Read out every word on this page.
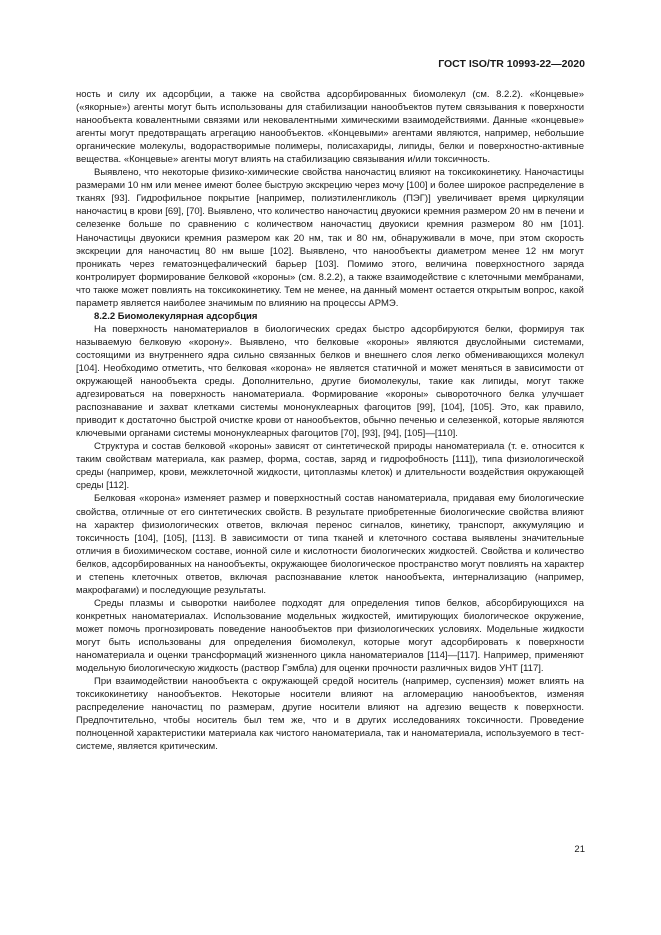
ГОСТ ISO/TR 10993-22—2020

ность и силу их адсорбции, а также на свойства адсорбированных биомолекул (см. 8.2.2). «Концевые» («якорные») агенты могут быть использованы для стабилизации нанообъектов путем связывания к поверхности нанообъекта ковалентными связями или нековалентными химическими взаимодействиями. Данные «концевые» агенты могут предотвращать агрегацию нанообъектов. «Концевыми» агентами являются, например, небольшие органические молекулы, водорастворимые полимеры, полисахариды, липиды, белки и поверхностно-активные вещества. «Концевые» агенты могут влиять на стабилизацию связывания и/или токсичность.

Выявлено, что некоторые физико-химические свойства наночастиц влияют на токсикокинетику. Наночастицы размерами 10 нм или менее имеют более быструю экскрецию через мочу [100] и более широкое распределение в тканях [93]. Гидрофильное покрытие [например, полиэтиленгликоль (ПЭГ)] увеличивает время циркуляции наночастиц в крови [69], [70]. Выявлено, что количество наночастиц двуокиси кремния размером 20 нм в печени и селезенке больше по сравнению с количеством наночастиц двуокиси кремния размером 80 нм [101]. Наночастицы двуокиси кремния размером как 20 нм, так и 80 нм, обнаруживали в моче, при этом скорость экскреции для наночастиц 80 нм выше [102]. Выявлено, что нанообъекты диаметром менее 12 нм могут проникать через гематоэнцефалический барьер [103]. Помимо этого, величина поверхностного заряда контролирует формирование белковой «короны» (см. 8.2.2), а также взаимодействие с клеточными мембранами, что также может повлиять на токсикокинетику. Тем не менее, на данный момент остается открытым вопрос, какой параметр является наиболее значимым по влиянию на процессы АРМЭ.

8.2.2 Биомолекулярная адсорбция

На поверхность наноматериалов в биологических средах быстро адсорбируются белки, формируя так называемую белковую «корону». Выявлено, что белковые «короны» являются двуслойными системами, состоящими из внутреннего ядра сильно связанных белков и внешнего слоя легко обменивающихся молекул [104]. Необходимо отметить, что белковая «корона» не является статичной и может меняться в зависимости от окружающей нанообъекта среды. Дополнительно, другие биомолекулы, такие как липиды, могут также адгезироваться на поверхность наноматериала. Формирование «короны» сывороточного белка улучшает распознавание и захват клетками системы мононуклеарных фагоцитов [99], [104], [105]. Это, как правило, приводит к достаточно быстрой очистке крови от нанообъектов, обычно печенью и селезенкой, которые являются ключевыми органами системы мононуклеарных фагоцитов [70], [93], [94], [105]—[110].

Структура и состав белковой «короны» зависят от синтетической природы наноматериала (т. е. относится к таким свойствам материала, как размер, форма, состав, заряд и гидрофобность [111]), типа физиологической среды (например, крови, межклеточной жидкости, цитоплазмы клеток) и длительности воздействия окружающей среды [112].

Белковая «корона» изменяет размер и поверхностный состав наноматериала, придавая ему биологические свойства, отличные от его синтетических свойств. В результате приобретенные биологические свойства влияют на характер физиологических ответов, включая перенос сигналов, кинетику, транспорт, аккумуляцию и токсичность [104], [105], [113]. В зависимости от типа тканей и клеточного состава выявлены значительные отличия в биохимическом составе, ионной силе и кислотности биологических жидкостей. Свойства и количество белков, адсорбированных на нанообъекты, окружающее биологическое пространство могут повлиять на характер и степень клеточных ответов, включая распознавание клеток нанообъекта, интернализацию (например, макрофагами) и последующие результаты.

Среды плазмы и сыворотки наиболее подходят для определения типов белков, абсорбирующихся на конкретных наноматериалах. Использование модельных жидкостей, имитирующих биологическое окружение, может помочь прогнозировать поведение нанообъектов при физиологических условиях. Модельные жидкости могут быть использованы для определения биомолекул, которые могут адсорбировать к поверхности наноматериала и оценки трансформаций жизненного цикла наноматериалов [114]—[117]. Например, применяют модельную биологическую жидкость (раствор Гэмбла) для оценки прочности различных видов УНТ [117].

При взаимодействии нанообъекта с окружающей средой носитель (например, суспензия) может влиять на токсикокинетику нанообъектов. Некоторые носители влияют на агломерацию нанообъектов, изменяя распределение наночастиц по размерам, другие носители влияют на адгезию веществ к поверхности. Предпочтительно, чтобы носитель был тем же, что и в других исследованиях токсичности. Проведение полноценной характеристики материала как чистого наноматериала, так и наноматериала, используемого в тест-системе, является критическим.

21
